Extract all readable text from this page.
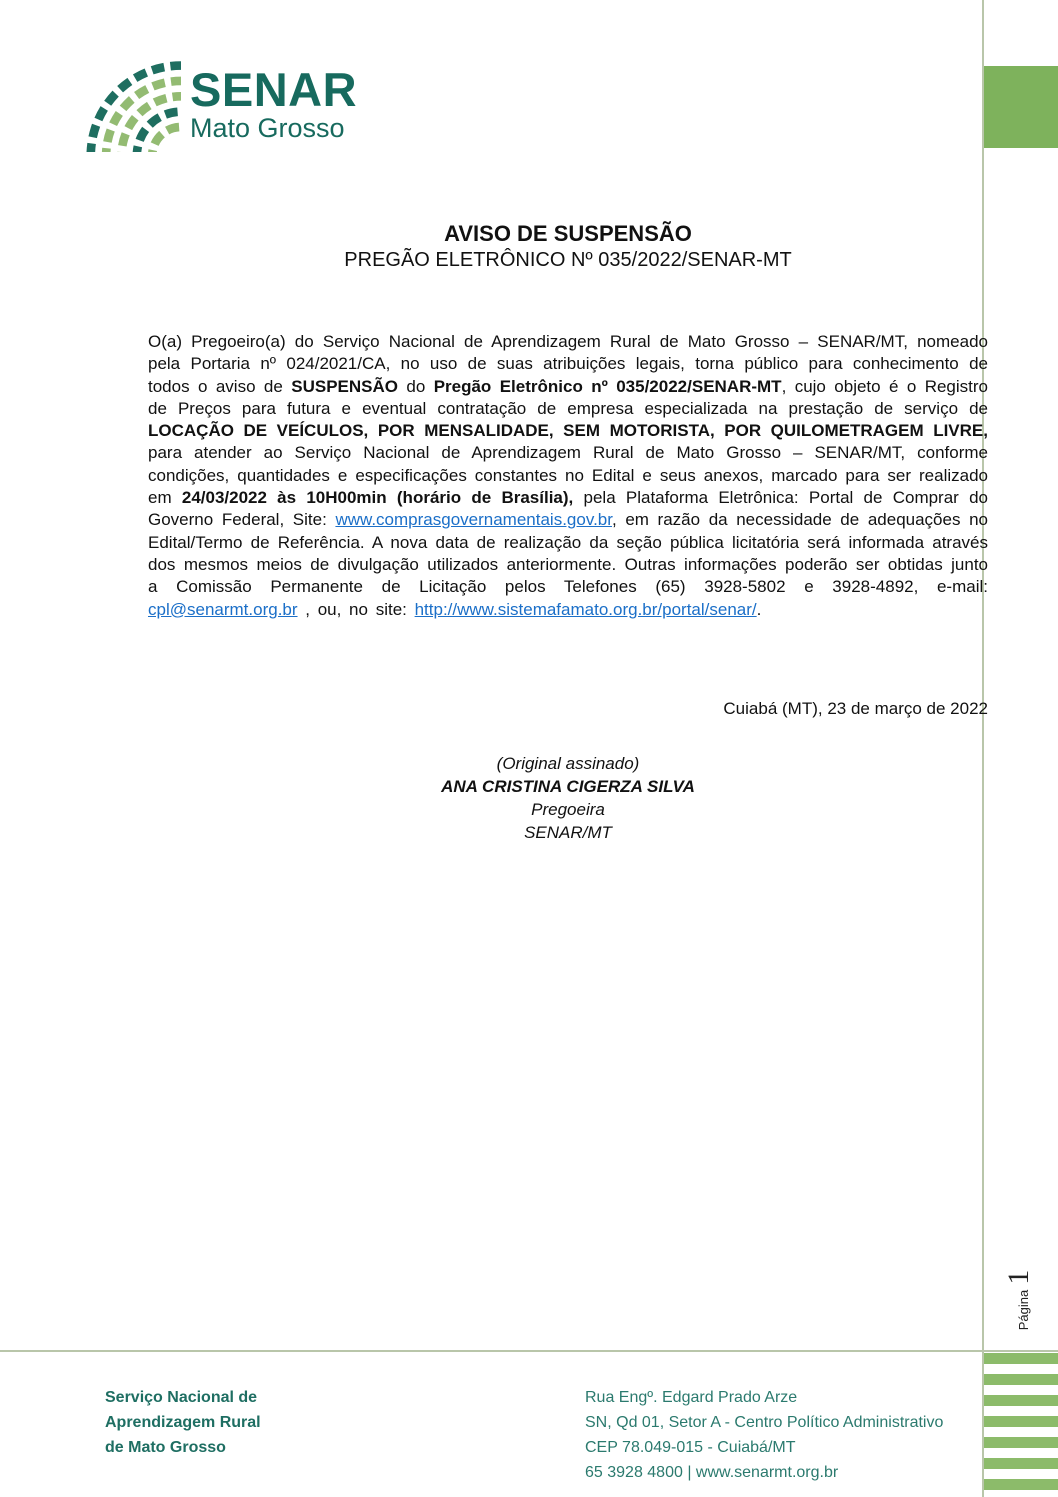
Página
1
SENAR
Mato Grosso
AVISO DE SUSPENSÃO
PREGÃO ELETRÔNICO Nº 035/2022/SENAR-MT
O(a) Pregoeiro(a) do Serviço Nacional de Aprendizagem Rural de Mato Grosso – SENAR/MT, nomeado pela Portaria nº 024/2021/CA, no uso de suas atribuições legais, torna público para conhecimento de todos o aviso de SUSPENSÃO do Pregão Eletrônico nº 035/2022/SENAR-MT, cujo objeto é o Registro de Preços para futura e eventual contratação de empresa especializada na prestação de serviço de LOCAÇÃO DE VEÍCULOS, POR MENSALIDADE, SEM MOTORISTA, POR QUILOMETRAGEM LIVRE, para atender ao Serviço Nacional de Aprendizagem Rural de Mato Grosso – SENAR/MT, conforme condições, quantidades e especificações constantes no Edital e seus anexos, marcado para ser realizado em 24/03/2022 às 10H00min (horário de Brasília), pela Plataforma Eletrônica: Portal de Comprar do Governo Federal, Site: www.comprasgovernamentais.gov.br, em razão da necessidade de adequações no Edital/Termo de Referência. A nova data de realização da seção pública licitatória será informada através dos mesmos meios de divulgação utilizados anteriormente. Outras informações poderão ser obtidas junto a Comissão Permanente de Licitação pelos Telefones (65) 3928-5802 e 3928-4892, e-mail: cpl@senarmt.org.br , ou, no site: http://www.sistemafamato.org.br/portal/senar/.
Cuiabá (MT), 23 de março de 2022
(Original assinado)
ANA CRISTINA CIGERZA SILVA
Pregoeira
SENAR/MT
Serviço Nacional de
Aprendizagem Rural
de Mato Grosso
Rua Engº. Edgard Prado Arze
SN, Qd 01, Setor A - Centro Político Administrativo
CEP 78.049-015 - Cuiabá/MT
65 3928 4800 | www.senarmt.org.br
